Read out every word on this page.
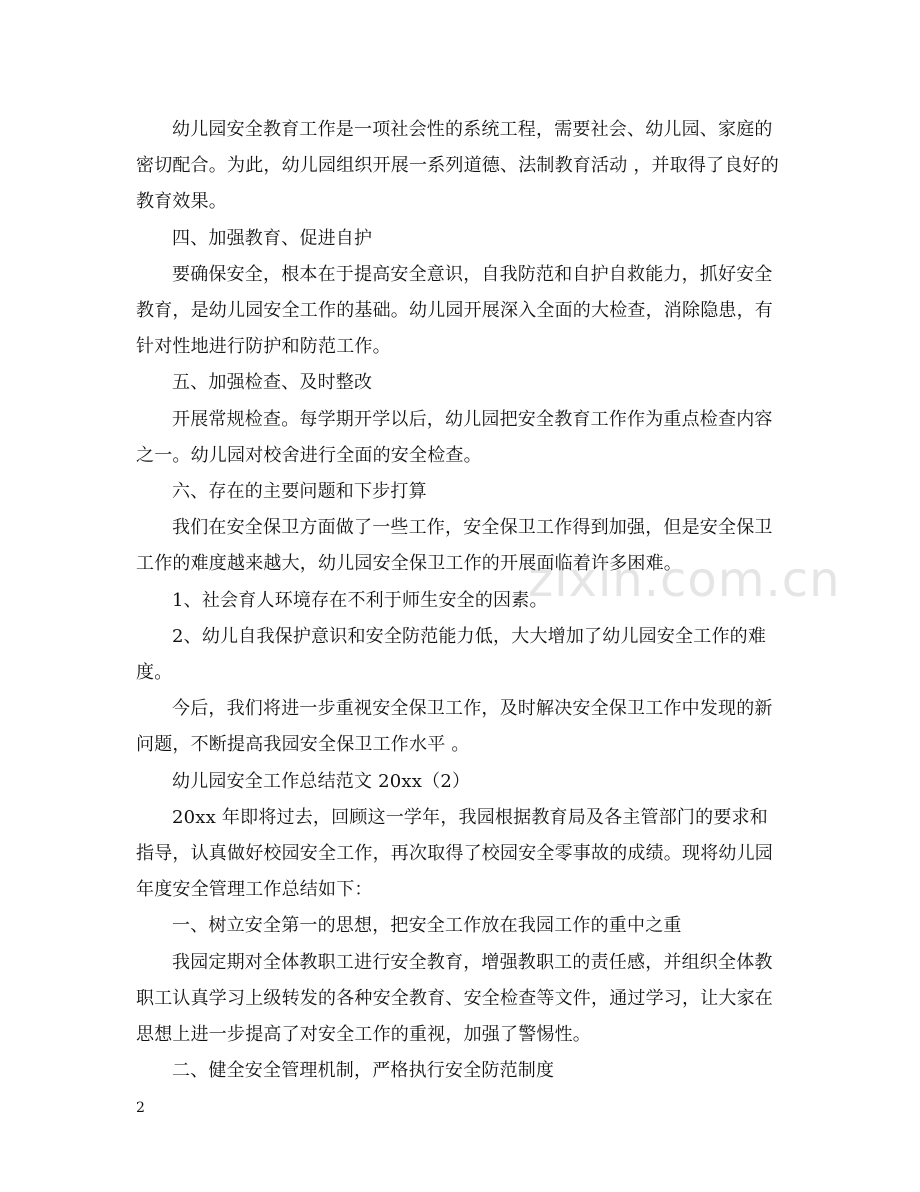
幼儿园安全教育工作是一项社会性的系统工程，需要社会、幼儿园、家庭的密切配合。为此，幼儿园组织开展一系列道德、法制教育活动 ，并取得了良好的教育效果。

四、加强教育、促进自护

要确保安全，根本在于提高安全意识，自我防范和自护自救能力，抓好安全教育，是幼儿园安全工作的基础。幼儿园开展深入全面的大检查，消除隐患，有针对性地进行防护和防范工作。

五、加强检查、及时整改

开展常规检查。每学期开学以后，幼儿园把安全教育工作作为重点检查内容之一。幼儿园对校舍进行全面的安全检查。

六、存在的主要问题和下步打算

我们在安全保卫方面做了一些工作，安全保卫工作得到加强，但是安全保卫工作的难度越来越大，幼儿园安全保卫工作的开展面临着许多困难。

1、社会育人环境存在不利于师生安全的因素。

2、幼儿自我保护意识和安全防范能力低，大大增加了幼儿园安全工作的难度。

今后，我们将进一步重视安全保卫工作，及时解决安全保卫工作中发现的新问题，不断提高我园安全保卫工作水平 。

幼儿园安全工作总结范文 20xx（2）

20xx 年即将过去，回顾这一学年，我园根据教育局及各主管部门的要求和指导，认真做好校园安全工作，再次取得了校园安全零事故的成绩。现将幼儿园年度安全管理工作总结如下：

一、树立安全第一的思想，把安全工作放在我园工作的重中之重

我园定期对全体教职工进行安全教育，增强教职工的责任感，并组织全体教职工认真学习上级转发的各种安全教育、安全检查等文件，通过学习，让大家在思想上进一步提高了对安全工作的重视，加强了警惕性。

二、健全安全管理机制，严格执行安全防范制度

zixin.com.cn
2
